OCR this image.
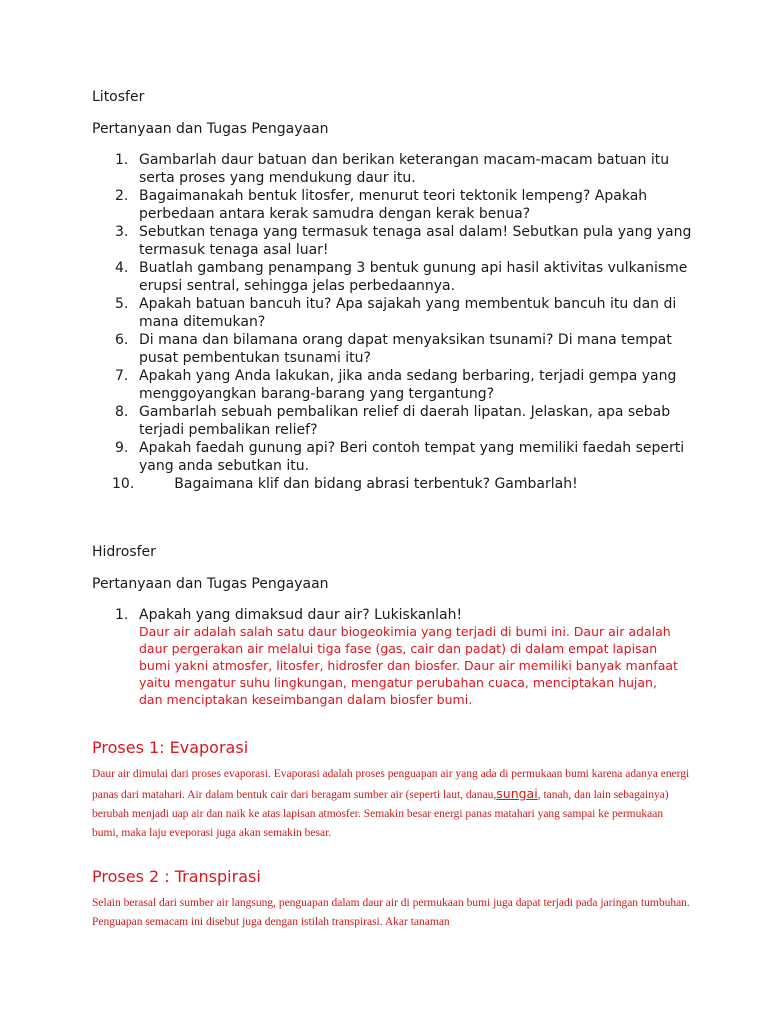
Litosfer
Pertanyaan dan Tugas Pengayaan
1. Gambarlah daur batuan dan berikan keterangan macam-macam batuan itu serta proses yang mendukung daur itu.
2. Bagaimanakah bentuk litosfer, menurut teori tektonik lempeng? Apakah perbedaan antara kerak samudra dengan kerak benua?
3. Sebutkan tenaga yang termasuk tenaga asal dalam! Sebutkan pula yang yang termasuk tenaga asal luar!
4. Buatlah gambang penampang 3 bentuk gunung api hasil aktivitas vulkanisme erupsi sentral, sehingga jelas perbedaannya.
5. Apakah batuan bancuh itu? Apa sajakah yang membentuk bancuh itu dan di mana ditemukan?
6. Di mana dan bilamana orang dapat menyaksikan tsunami? Di mana tempat pusat pembentukan tsunami itu?
7. Apakah yang Anda lakukan, jika anda sedang berbaring, terjadi gempa yang menggoyangkan barang-barang yang tergantung?
8. Gambarlah sebuah pembalikan relief di daerah lipatan. Jelaskan, apa sebab terjadi pembalikan relief?
9. Apakah faedah gunung api? Beri contoh tempat yang memiliki faedah seperti yang anda sebutkan itu.
10.	Bagaimana klif dan bidang abrasi terbentuk? Gambarlah!
Hidrosfer
Pertanyaan dan Tugas Pengayaan
1. Apakah yang dimaksud daur air? Lukiskanlah!
Daur air adalah salah satu daur biogeokimia yang terjadi di bumi ini. Daur air adalah daur pergerakan air melalui tiga fase (gas, cair dan padat) di dalam empat lapisan bumi yakni atmosfer, litosfer, hidrosfer dan biosfer. Daur air memiliki banyak manfaat yaitu mengatur suhu lingkungan, mengatur perubahan cuaca, menciptakan hujan, dan menciptakan keseimbangan dalam biosfer bumi.
Proses 1: Evaporasi
Daur air dimulai dari proses evaporasi. Evaporasi adalah proses penguapan air yang ada di permukaan bumi karena adanya energi panas dari matahari. Air dalam bentuk cair dari beragam sumber air (seperti laut, danau,sungai, tanah, dan lain sebagainya) berubah menjadi uap air dan naik ke atas lapisan atmosfer. Semakin besar energi panas matahari yang sampai ke permukaan bumi, maka laju eveporasi juga akan semakin besar.
Proses 2 : Transpirasi
Selain berasal dari sumber air langsung, penguapan dalam daur air di permukaan bumi juga dapat terjadi pada jaringan tumbuhan. Penguapan semacam ini disebut juga dengan istilah transpirasi. Akar tanaman
